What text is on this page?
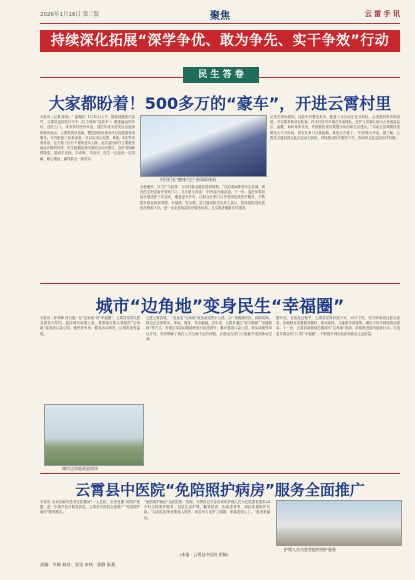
2026年1月16日 第三版	聚焦	云 雷 手 讯
持续深化拓展“深学争优、敢为争先、实干争效”行动
民 生 答 卷
大家都盼着！500多万的“豪车”，开进云霄村里
本报讯（记者 陈倪）“ 福利院” 1月10日上午，随着清脆的汽笛声，云霄县巡回医疗专车（以下简称“巡医车”）驶进偏远的乡村，送医上门。 来到乡村医疗诊室，巡医车成为村民自由选择的就诊地点，主要提供常见病、慢性病的检查诊疗以及健康咨询服务。车内配备了检查设备，可以完成心电图、B超、X光等常规检查，也方便了出行不便的老年人群。此次巡回诊疗主要服务偏远乡镇的村民，医生根据检查结果给出诊疗建议，及时发现病情隐患，做到早发现、早诊断、早治疗。医生一边检查一边讲解，耐心细致，赢得群众一致好评。
村民们在“健康大巴”前留影体验
全程便民，以“医”为纽带，为乡村群众就医提供便利。“以前看病要坐车去县城，现在医生把设备开到家门口，又方便又省钱！”村民高兴地说道。下一步，巡医车将持续开展送医下乡活动，覆盖更多乡村，让群众在家门口享受到优质医疗服务，不断提升群众的获得感、幸福感、安全感。县卫健局相关负责人表示，将持续推进优质医疗资源下沉，进一步完善基层医疗服务体系，扎实推进健康乡村建设。
记者在现场看到，巡医车内整洁有序，配备了全自动生化分析仪、心电图机等多种设备，可实现常规项目检查。许多村民早早就在车前排队，医护人员耐心地为大家测量血压、血糖，询问身体状况，并根据检查结果提出用药和生活建议。“以前去县城做检查要花大半天时间，现在在家门口就能做，真是太方便了。”村民陈大爷说。据了解，云霄县卫健局将以此次活动为契机，持续推动医疗服务下沉，形成常态化巡回诊疗机制。
城市“边角地”变身民生“幸福圈”
本报讯（许泽峰 冯白莲）在“边角地”到“幸福圈”，云霄县坚持以群众需求为导向，盘活城市闲置土地，将散落在街头巷尾的“边角地”改造成口袋公园、便民停车场、健身活动场所，让城市更有温度。
城市边角地改造现场
走进云霄县城，一处处由“边角地”改造而成的小公园、小广场错落有致，绿树成荫，群众在这里散步、休闲、健身，其乐融融。近年来，云霄县通过“留白增绿”“见缝插绿”等方式，对城区零星闲置地块进行改造提升，累计建成口袋公园、街头绿地等项目多处，有效缓解了城区公共空间不足的问题，让群众在家门口就能享受到休闲空间。
据介绍，在改造过程中，云霄县坚持问需于民、问计于民，充分听取周边群众意见，因地制宜设置健身器材、休闲座椅、儿童游乐设施等，满足不同年龄段群众需求。下一步，云霄县将继续挖掘城市“边角地”资源，持续推进城市更新行动，打造更多群众家门口的“幸福圈”，不断提升城市品质和群众生活质量。
云霄县中医院“免陪照护病房”服务全面推广
本报讯 为切实解决患者住院期间“一人住院，全家受累”的陪护难题，进一步提升医疗服务质量，云霄县中医院全面推广“免陪照护病房”服务模式。
“免陪照护病房”由医院统一管理，安排经过专业培训的护理人员为住院患者提供24小时全程照护服务，包括生活护理、翻身拍背、协助进食等，减轻家属陪护负担。“以前住院家里要留人陪护，现在有专业护工照顾，家属更放心了。”患者家属说。
(本报 · 云霄县中医院 供稿)
护理人员为患者提供照护服务
责编：许颖 校对：张见 审核：郭静 陈燕
